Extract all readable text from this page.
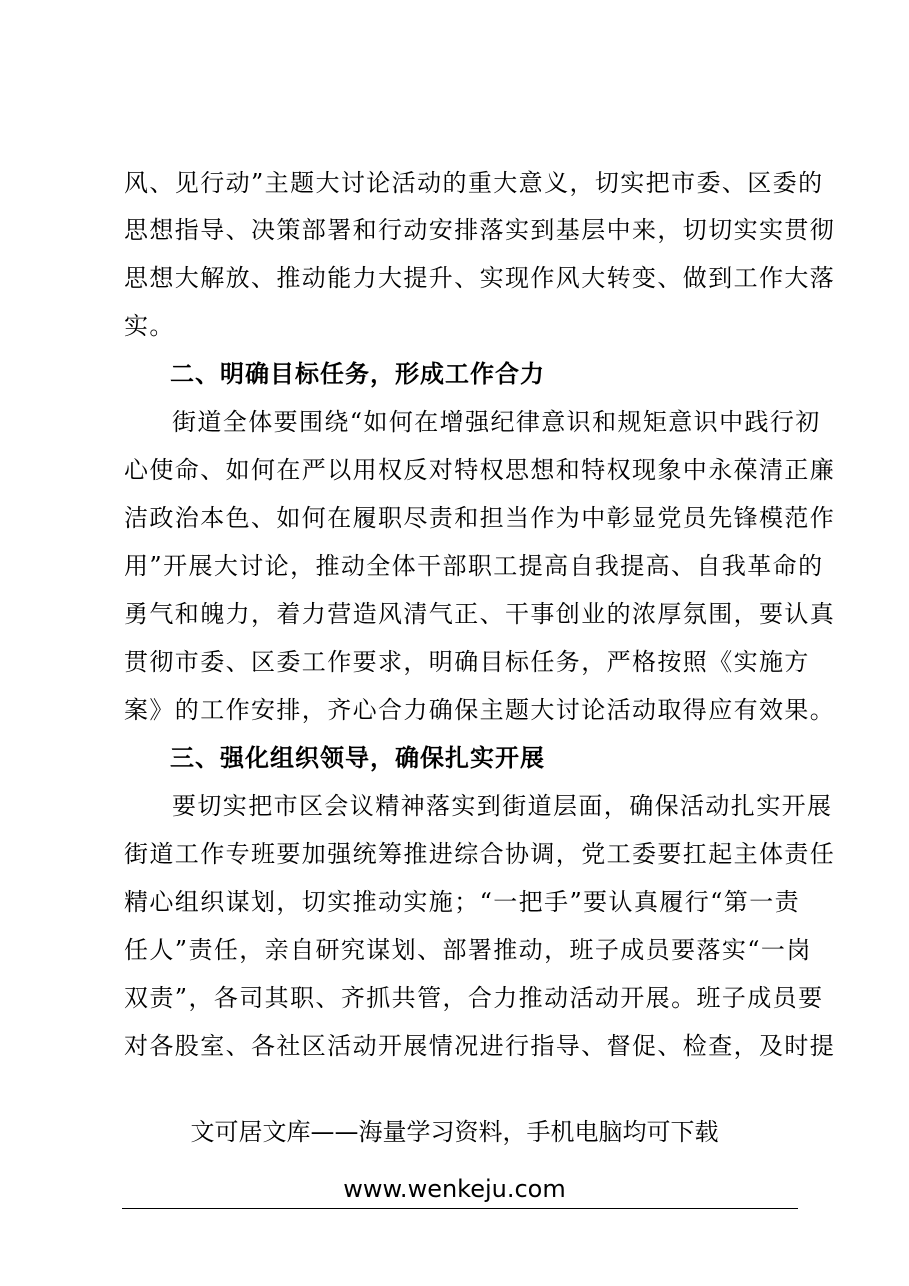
风、见行动”主题大讨论活动的重大意义，切实把市委、区委的
思想指导、决策部署和行动安排落实到基层中来，切切实实贯彻
思想大解放、推动能力大提升、实现作风大转变、做到工作大落
实。
二、明确目标任务，形成工作合力
街道全体要围绕“如何在增强纪律意识和规矩意识中践行初
心使命、如何在严以用权反对特权思想和特权现象中永葆清正廉
洁政治本色、如何在履职尽责和担当作为中彰显党员先锋模范作
用”开展大讨论，推动全体干部职工提高自我提高、自我革命的
勇气和魄力，着力营造风清气正、干事创业的浓厚氛围，要认真
贯彻市委、区委工作要求，明确目标任务，严格按照《实施方
案》的工作安排，齐心合力确保主题大讨论活动取得应有效果。
三、强化组织领导，确保扎实开展
要切实把市区会议精神落实到街道层面，确保活动扎实开展
街道工作专班要加强统筹推进综合协调，党工委要扛起主体责任
精心组织谋划，切实推动实施；“一把手”要认真履行“第一责
任人”责任，亲自研究谋划、部署推动，班子成员要落实“一岗
双责”，各司其职、齐抓共管，合力推动活动开展。班子成员要
对各股室、各社区活动开展情况进行指导、督促、检查，及时提
文可居文库——海量学习资料，手机电脑均可下载
www.wenkeju.com
